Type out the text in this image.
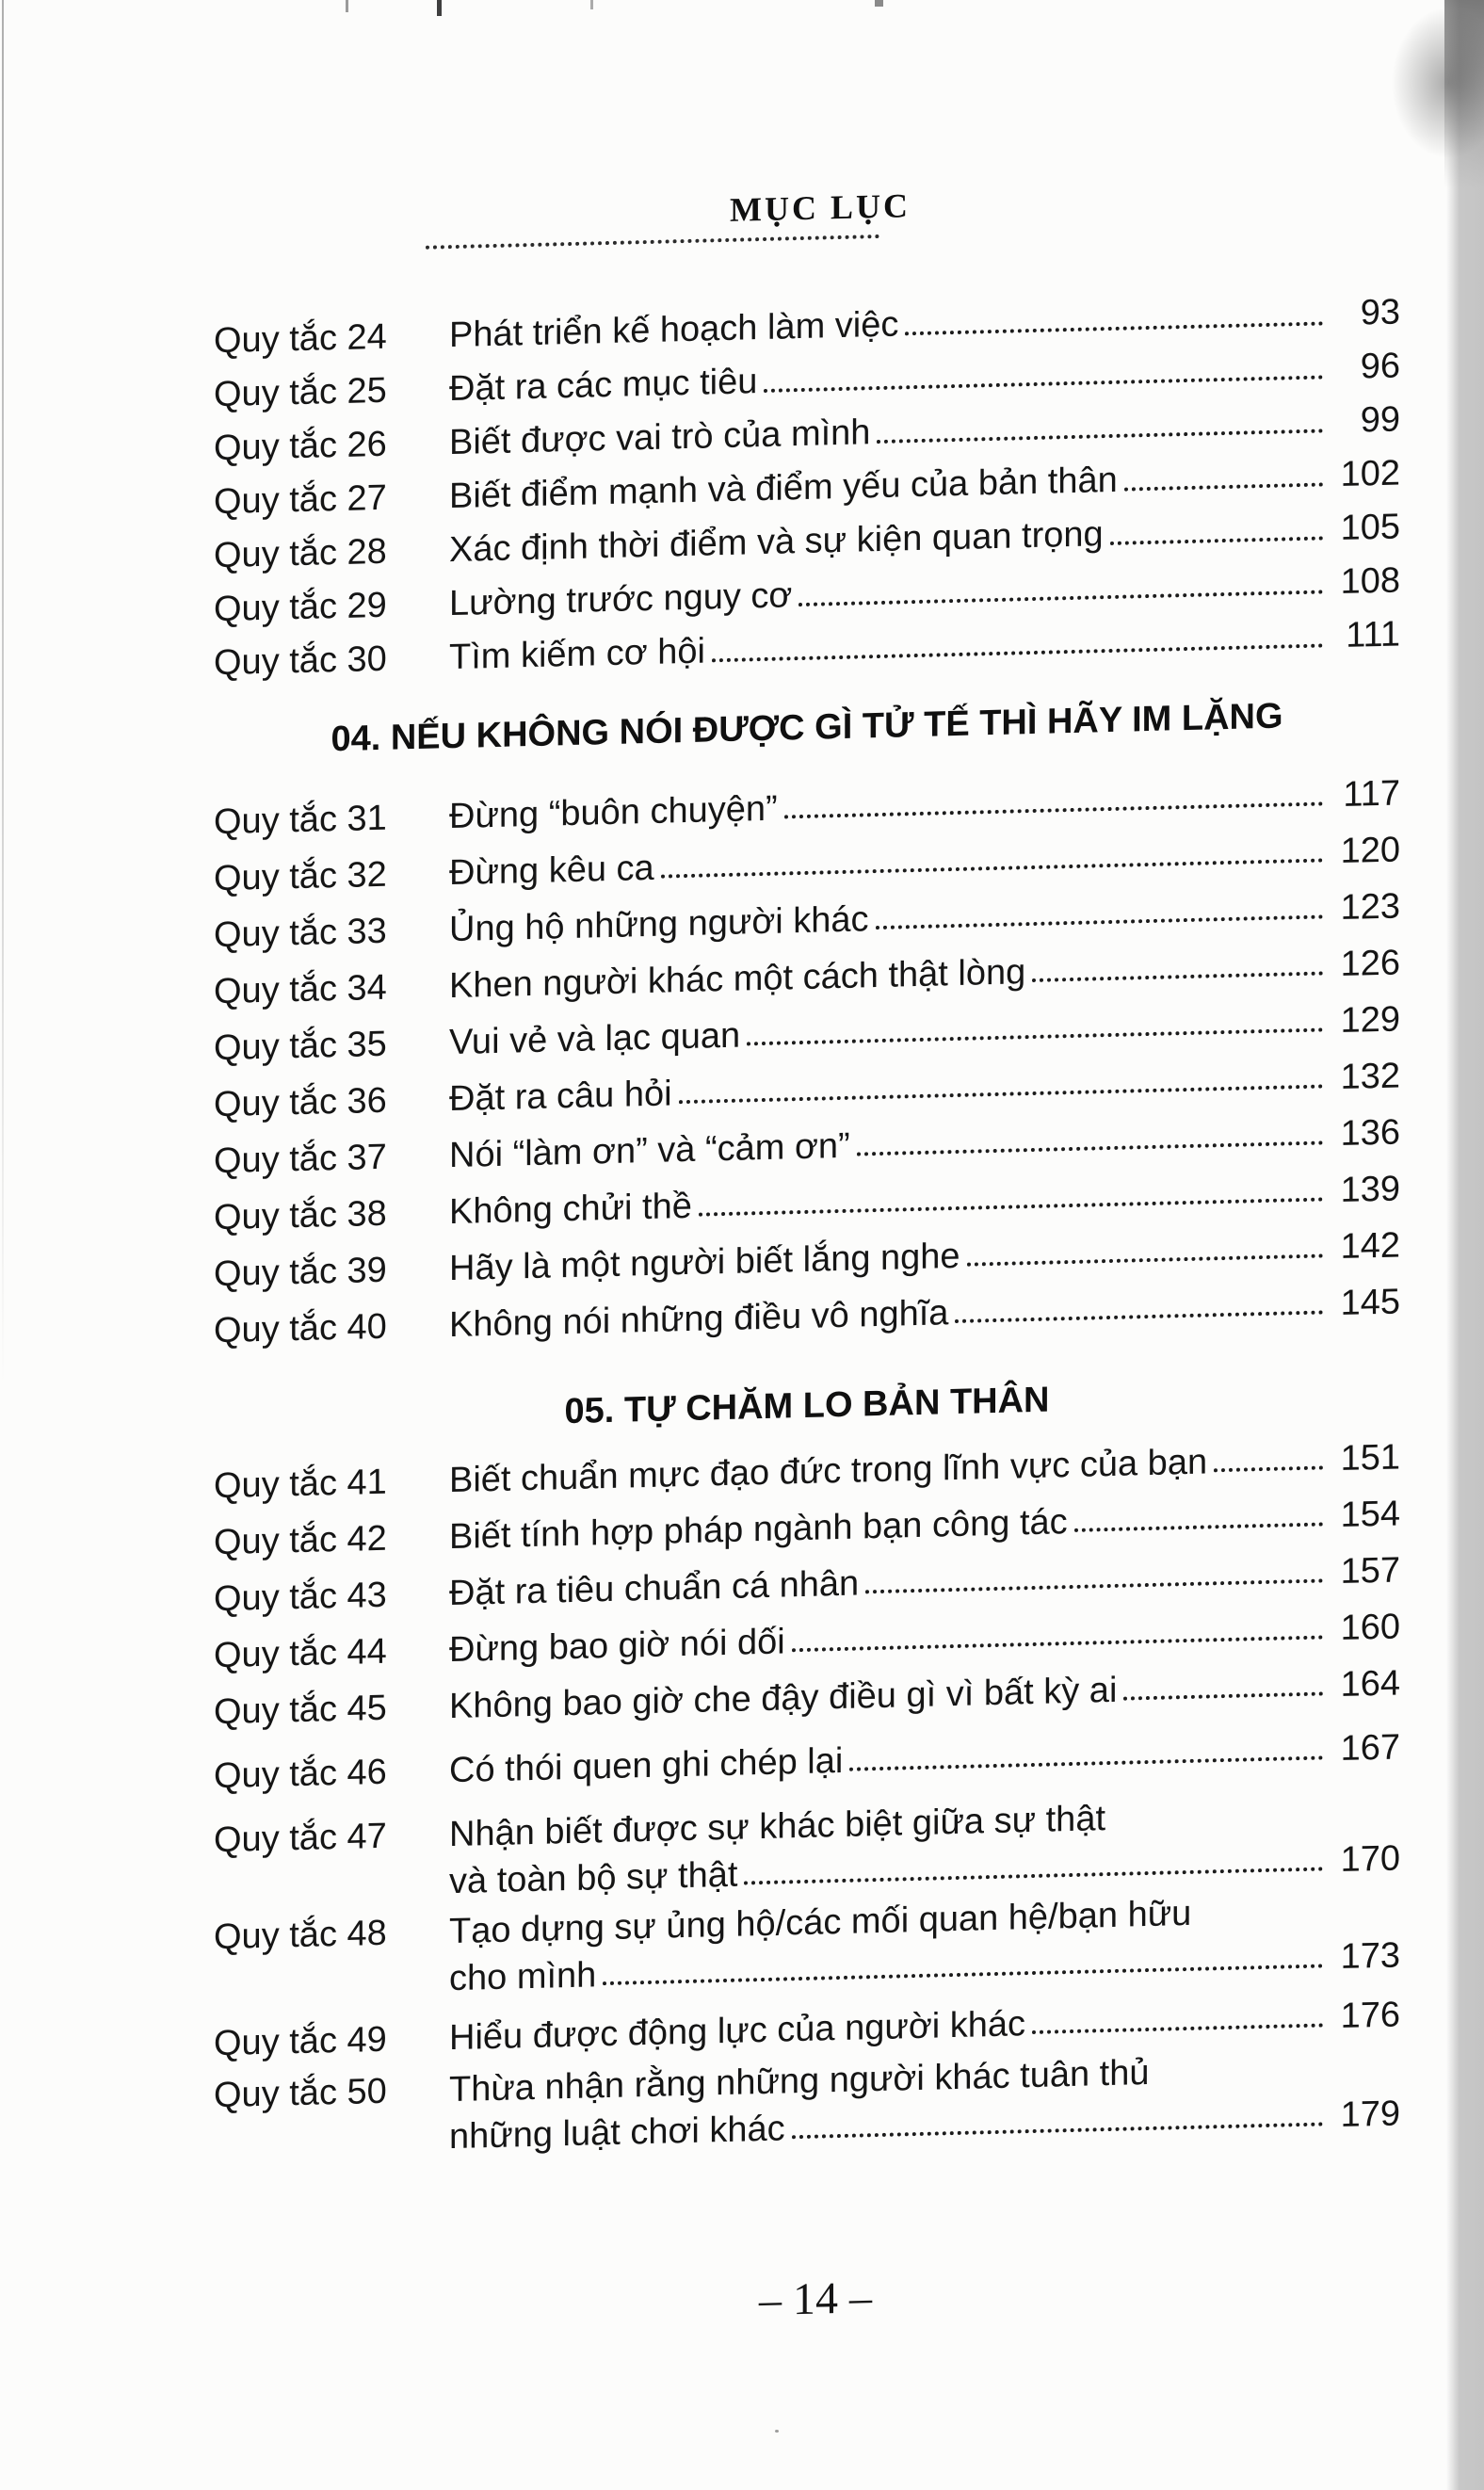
MỤC LỤC
Quy tắc 24	Phát triển kế hoạch làm việc	93
Quy tắc 25	Đặt ra các mục tiêu	96
Quy tắc 26	Biết được vai trò của mình	99
Quy tắc 27	Biết điểm mạnh và điểm yếu của bản thân	102
Quy tắc 28	Xác định thời điểm và sự kiện quan trọng	105
Quy tắc 29	Lường trước nguy cơ	108
Quy tắc 30	Tìm kiếm cơ hội	111
04. NẾU KHÔNG NÓI ĐƯỢC GÌ TỬ TẾ THÌ HÃY IM LẶNG
Quy tắc 31	Đừng “buôn chuyện”	117
Quy tắc 32	Đừng kêu ca	120
Quy tắc 33	Ủng hộ những người khác	123
Quy tắc 34	Khen người khác một cách thật lòng	126
Quy tắc 35	Vui vẻ và lạc quan	129
Quy tắc 36	Đặt ra câu hỏi	132
Quy tắc 37	Nói “làm ơn” và “cảm ơn”	136
Quy tắc 38	Không chửi thề	139
Quy tắc 39	Hãy là một người biết lắng nghe	142
Quy tắc 40	Không nói những điều vô nghĩa	145
05. TỰ CHĂM LO BẢN THÂN
Quy tắc 41	Biết chuẩn mực đạo đức trong lĩnh vực của bạn	151
Quy tắc 42	Biết tính hợp pháp ngành bạn công tác	154
Quy tắc 43	Đặt ra tiêu chuẩn cá nhân	157
Quy tắc 44	Đừng bao giờ nói dối	160
Quy tắc 45	Không bao giờ che đậy điều gì vì bất kỳ ai	164
Quy tắc 46	Có thói quen ghi chép lại	167
Quy tắc 47	Nhận biết được sự khác biệt giữa sự thật
và toàn bộ sự thật	170
Quy tắc 48	Tạo dựng sự ủng hộ/các mối quan hệ/bạn hữu
cho mình	173
Quy tắc 49	Hiểu được động lực của người khác	176
Quy tắc 50	Thừa nhận rằng những người khác tuân thủ
những luật chơi khác	179
– 14 –
